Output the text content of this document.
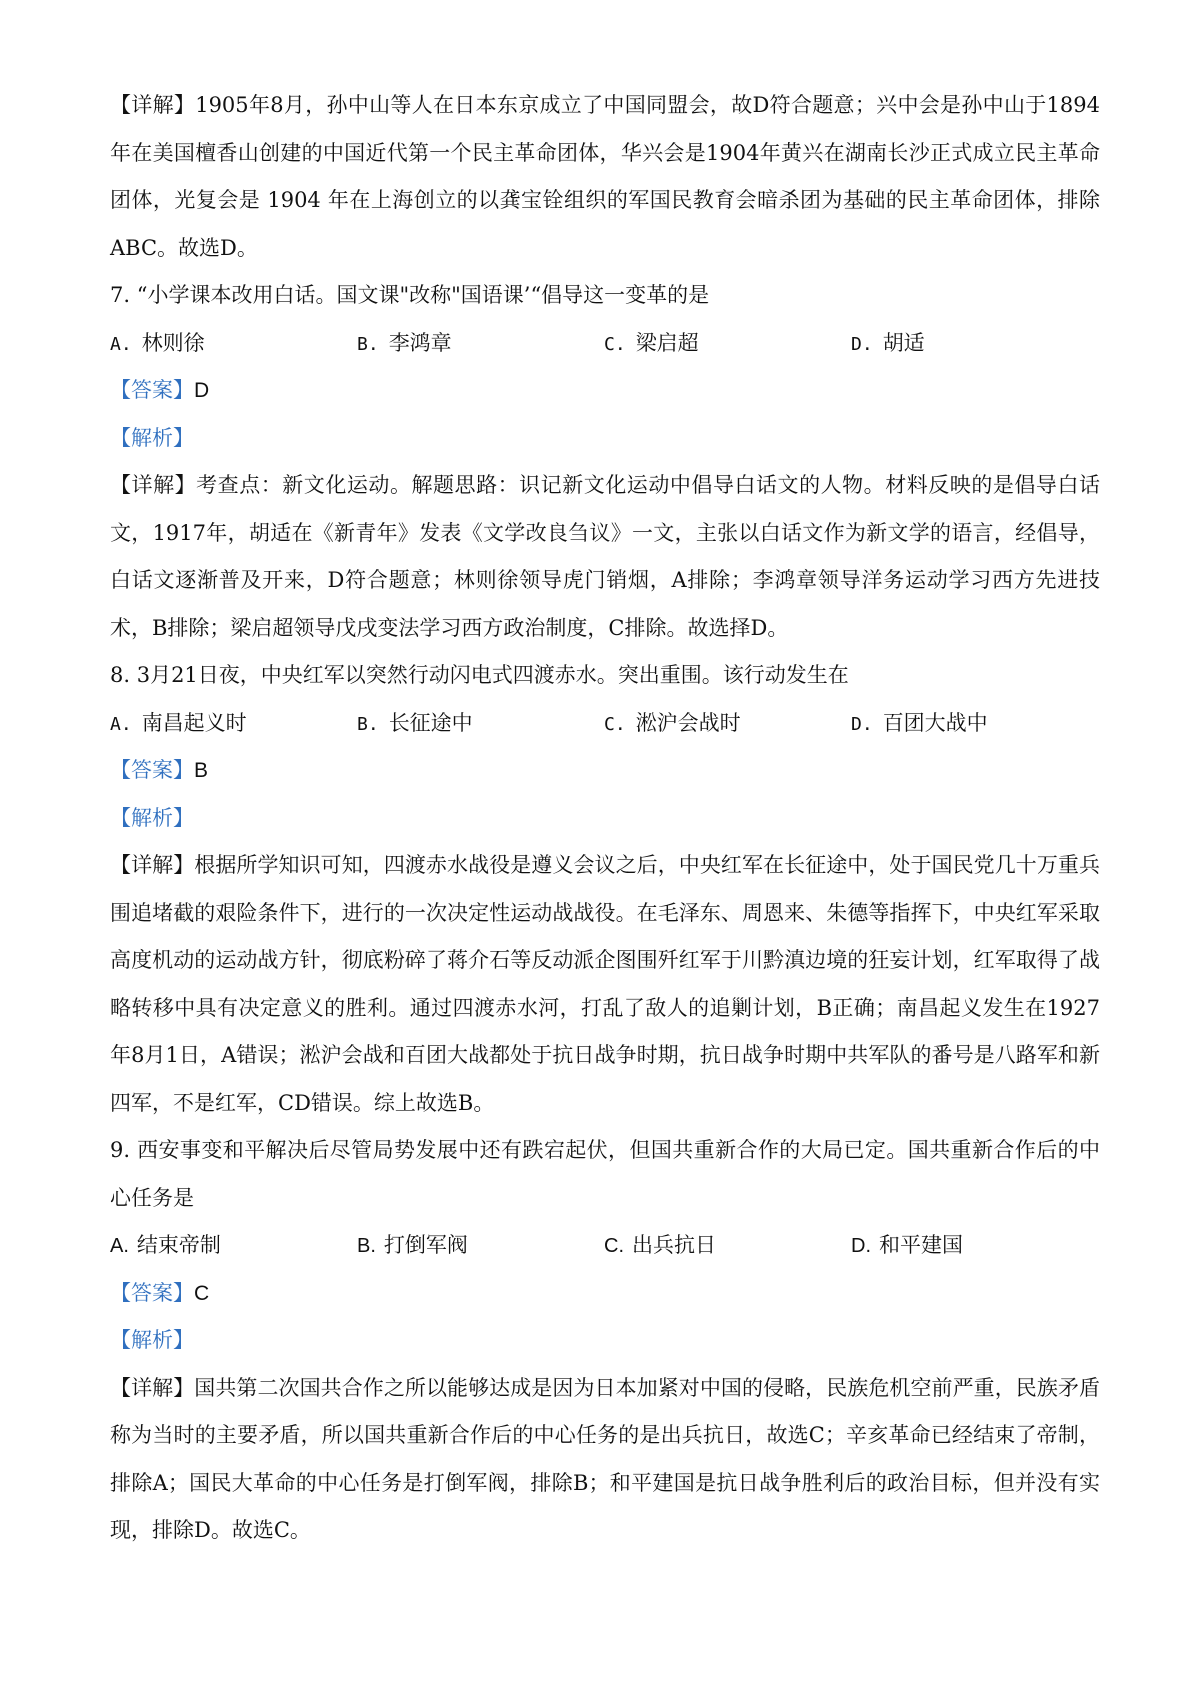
【详解】1905年8月，孙中山等人在日本东京成立了中国同盟会，故D符合题意；兴中会是孙中山于1894年在美国檀香山创建的中国近代第一个民主革命团体，华兴会是1904年黄兴在湖南长沙正式成立民主革命团体，光复会是 1904 年在上海创立的以龚宝铨组织的军国民教育会暗杀团为基础的民主革命团体，排除ABC。故选D。

7. “小学课本改用白话。国文课"改称"国语课’“倡导这一变革的是

A. 林则徐	B. 李鸿章	C. 梁启超	D. 胡适

【答案】D

【解析】

【详解】考查点：新文化运动。解题思路：识记新文化运动中倡导白话文的人物。材料反映的是倡导白话文，1917年，胡适在《新青年》发表《文学改良刍议》一文，主张以白话文作为新文学的语言，经倡导，白话文逐渐普及开来，D符合题意；林则徐领导虎门销烟，A排除；李鸿章领导洋务运动学习西方先进技术，B排除；梁启超领导戊戌变法学习西方政治制度，C排除。故选择D。

8. 3月21日夜，中央红军以突然行动闪电式四渡赤水。突出重围。该行动发生在

A. 南昌起义时	B. 长征途中	C. 淞沪会战时	D. 百团大战中

【答案】B

【解析】

【详解】根据所学知识可知，四渡赤水战役是遵义会议之后，中央红军在长征途中，处于国民党几十万重兵围追堵截的艰险条件下，进行的一次决定性运动战战役。在毛泽东、周恩来、朱德等指挥下，中央红军采取高度机动的运动战方针，彻底粉碎了蒋介石等反动派企图围歼红军于川黔滇边境的狂妄计划，红军取得了战略转移中具有决定意义的胜利。通过四渡赤水河，打乱了敌人的追剿计划，B正确；南昌起义发生在1927年8月1日，A错误；淞沪会战和百团大战都处于抗日战争时期，抗日战争时期中共军队的番号是八路军和新四军，不是红军，CD错误。综上故选B。

9. 西安事变和平解决后尽管局势发展中还有跌宕起伏，但国共重新合作的大局已定。国共重新合作后的中心任务是

A. 结束帝制	B. 打倒军阀	C. 出兵抗日	D. 和平建国

【答案】C

【解析】

【详解】国共第二次国共合作之所以能够达成是因为日本加紧对中国的侵略，民族危机空前严重，民族矛盾称为当时的主要矛盾，所以国共重新合作后的中心任务的是出兵抗日，故选C；辛亥革命已经结束了帝制，排除A；国民大革命的中心任务是打倒军阀，排除B；和平建国是抗日战争胜利后的政治目标，但并没有实现，排除D。故选C。
